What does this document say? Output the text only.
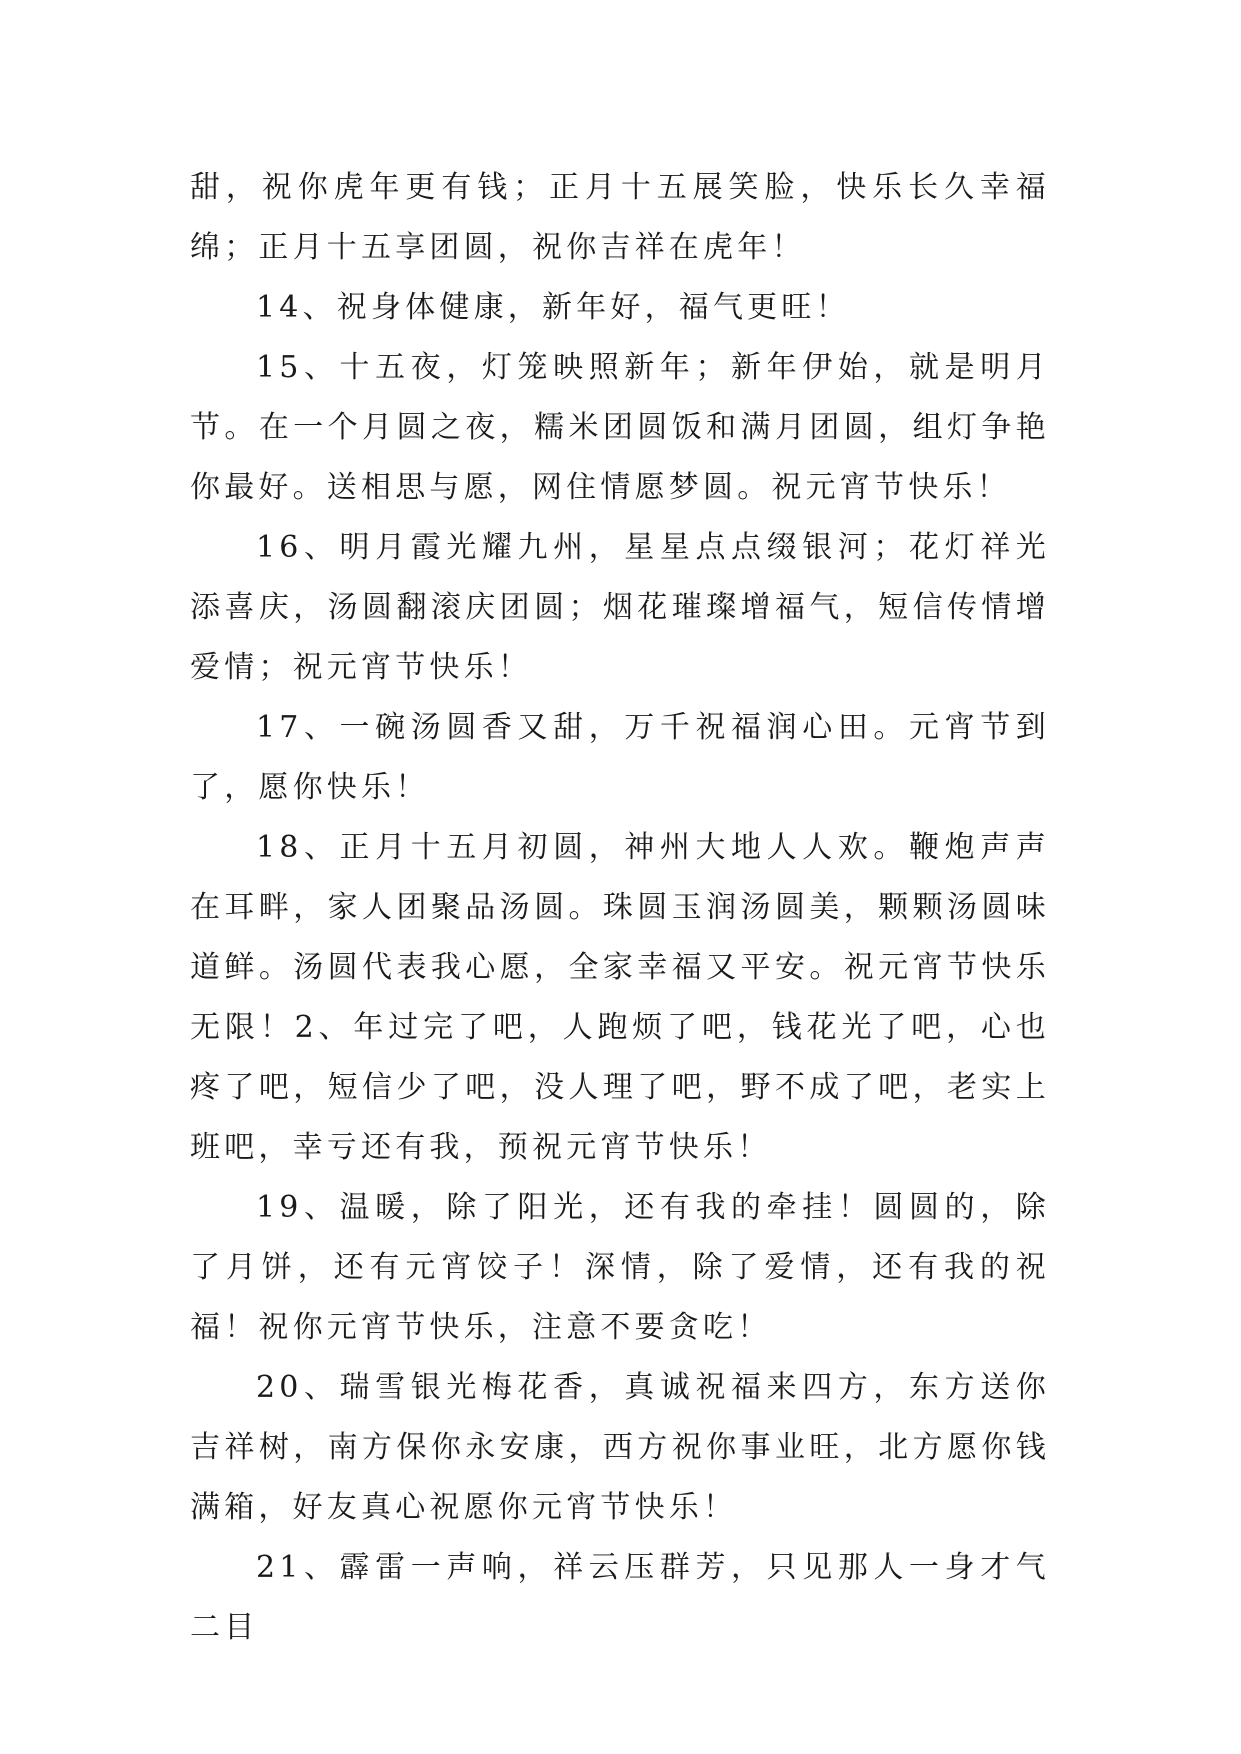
甜，祝你虎年更有钱；正月十五展笑脸，快乐长久幸福绵；正月十五享团圆，祝你吉祥在虎年！

14、祝身体健康，新年好，福气更旺！

15、十五夜，灯笼映照新年；新年伊始，就是明月节。在一个月圆之夜，糯米团圆饭和满月团圆，组灯争艳你最好。送相思与愿，网住情愿梦圆。祝元宵节快乐！

16、明月霞光耀九州，星星点点缀银河；花灯祥光添喜庆，汤圆翻滚庆团圆；烟花璀璨增福气，短信传情增爱情；祝元宵节快乐！

17、一碗汤圆香又甜，万千祝福润心田。元宵节到了，愿你快乐！

18、正月十五月初圆，神州大地人人欢。鞭炮声声在耳畔，家人团聚品汤圆。珠圆玉润汤圆美，颗颗汤圆味道鲜。汤圆代表我心愿，全家幸福又平安。祝元宵节快乐无限！2、年过完了吧，人跑烦了吧，钱花光了吧，心也疼了吧，短信少了吧，没人理了吧，野不成了吧，老实上班吧，幸亏还有我，预祝元宵节快乐！

19、温暖，除了阳光，还有我的牵挂！圆圆的，除了月饼，还有元宵饺子！深情，除了爱情，还有我的祝福！祝你元宵节快乐，注意不要贪吃！

20、瑞雪银光梅花香，真诚祝福来四方，东方送你吉祥树，南方保你永安康，西方祝你事业旺，北方愿你钱满箱，好友真心祝愿你元宵节快乐！

21、霹雷一声响，祥云压群芳，只见那人一身才气二目
